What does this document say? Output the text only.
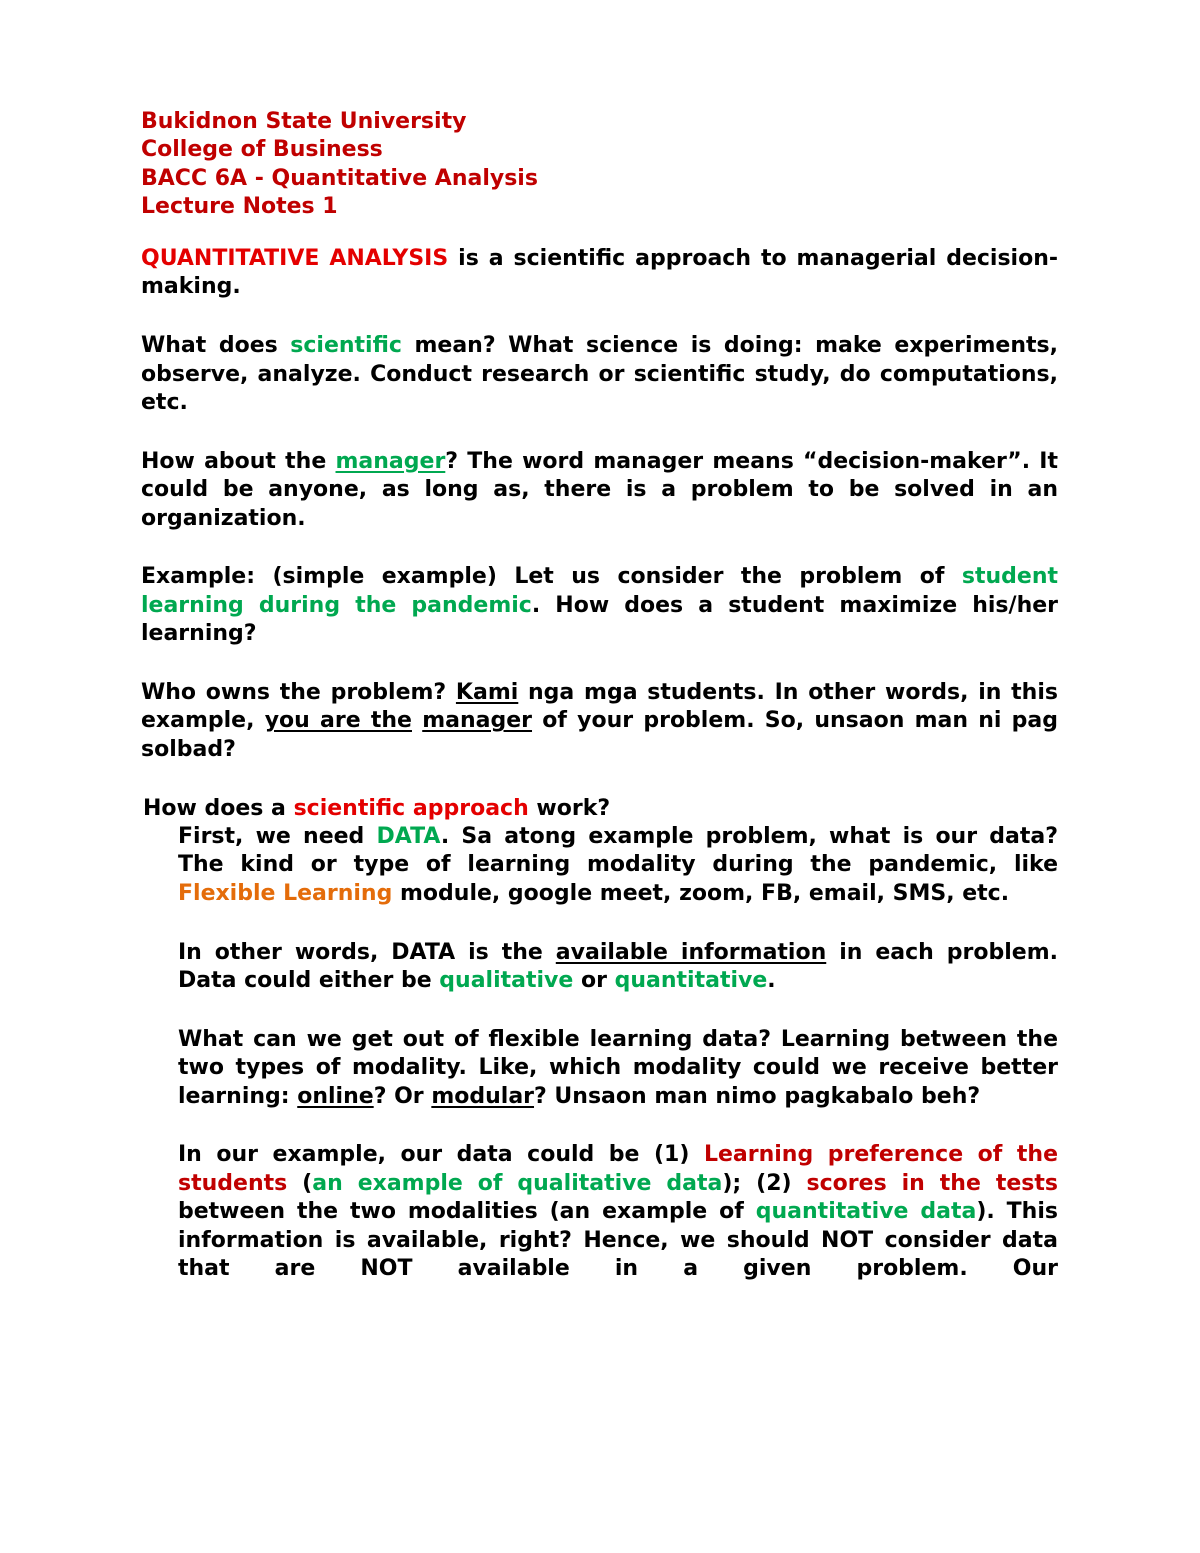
Bukidnon State University
College of Business
BACC 6A - Quantitative Analysis
Lecture Notes 1

QUANTITATIVE ANALYSIS is a scientific approach to managerial decision-making.

What does scientific mean? What science is doing: make experiments, observe, analyze. Conduct research or scientific study, do computations, etc.

How about the manager? The word manager means “decision-maker”. It could be anyone, as long as, there is a problem to be solved in an organization.

Example: (simple example) Let us consider the problem of student learning during the pandemic. How does a student maximize his/her learning?

Who owns the problem? Kami nga mga students. In other words, in this example, you are the manager of your problem. So, unsaon man ni pag solbad?

How does a scientific approach work?

First, we need DATA. Sa atong example problem, what is our data? The kind or type of learning modality during the pandemic, like Flexible Learning module, google meet, zoom, FB, email, SMS, etc.

In other words, DATA is the available information in each problem. Data could either be qualitative or quantitative.

What can we get out of flexible learning data? Learning between the two types of modality. Like, which modality could we receive better learning: online? Or modular? Unsaon man nimo pagkabalo beh?

In our example, our data could be (1) Learning preference of the students (an example of qualitative data); (2) scores in the tests between the two modalities (an example of quantitative data). This information is available, right? Hence, we should NOT consider data that are NOT available in a given problem. Our
